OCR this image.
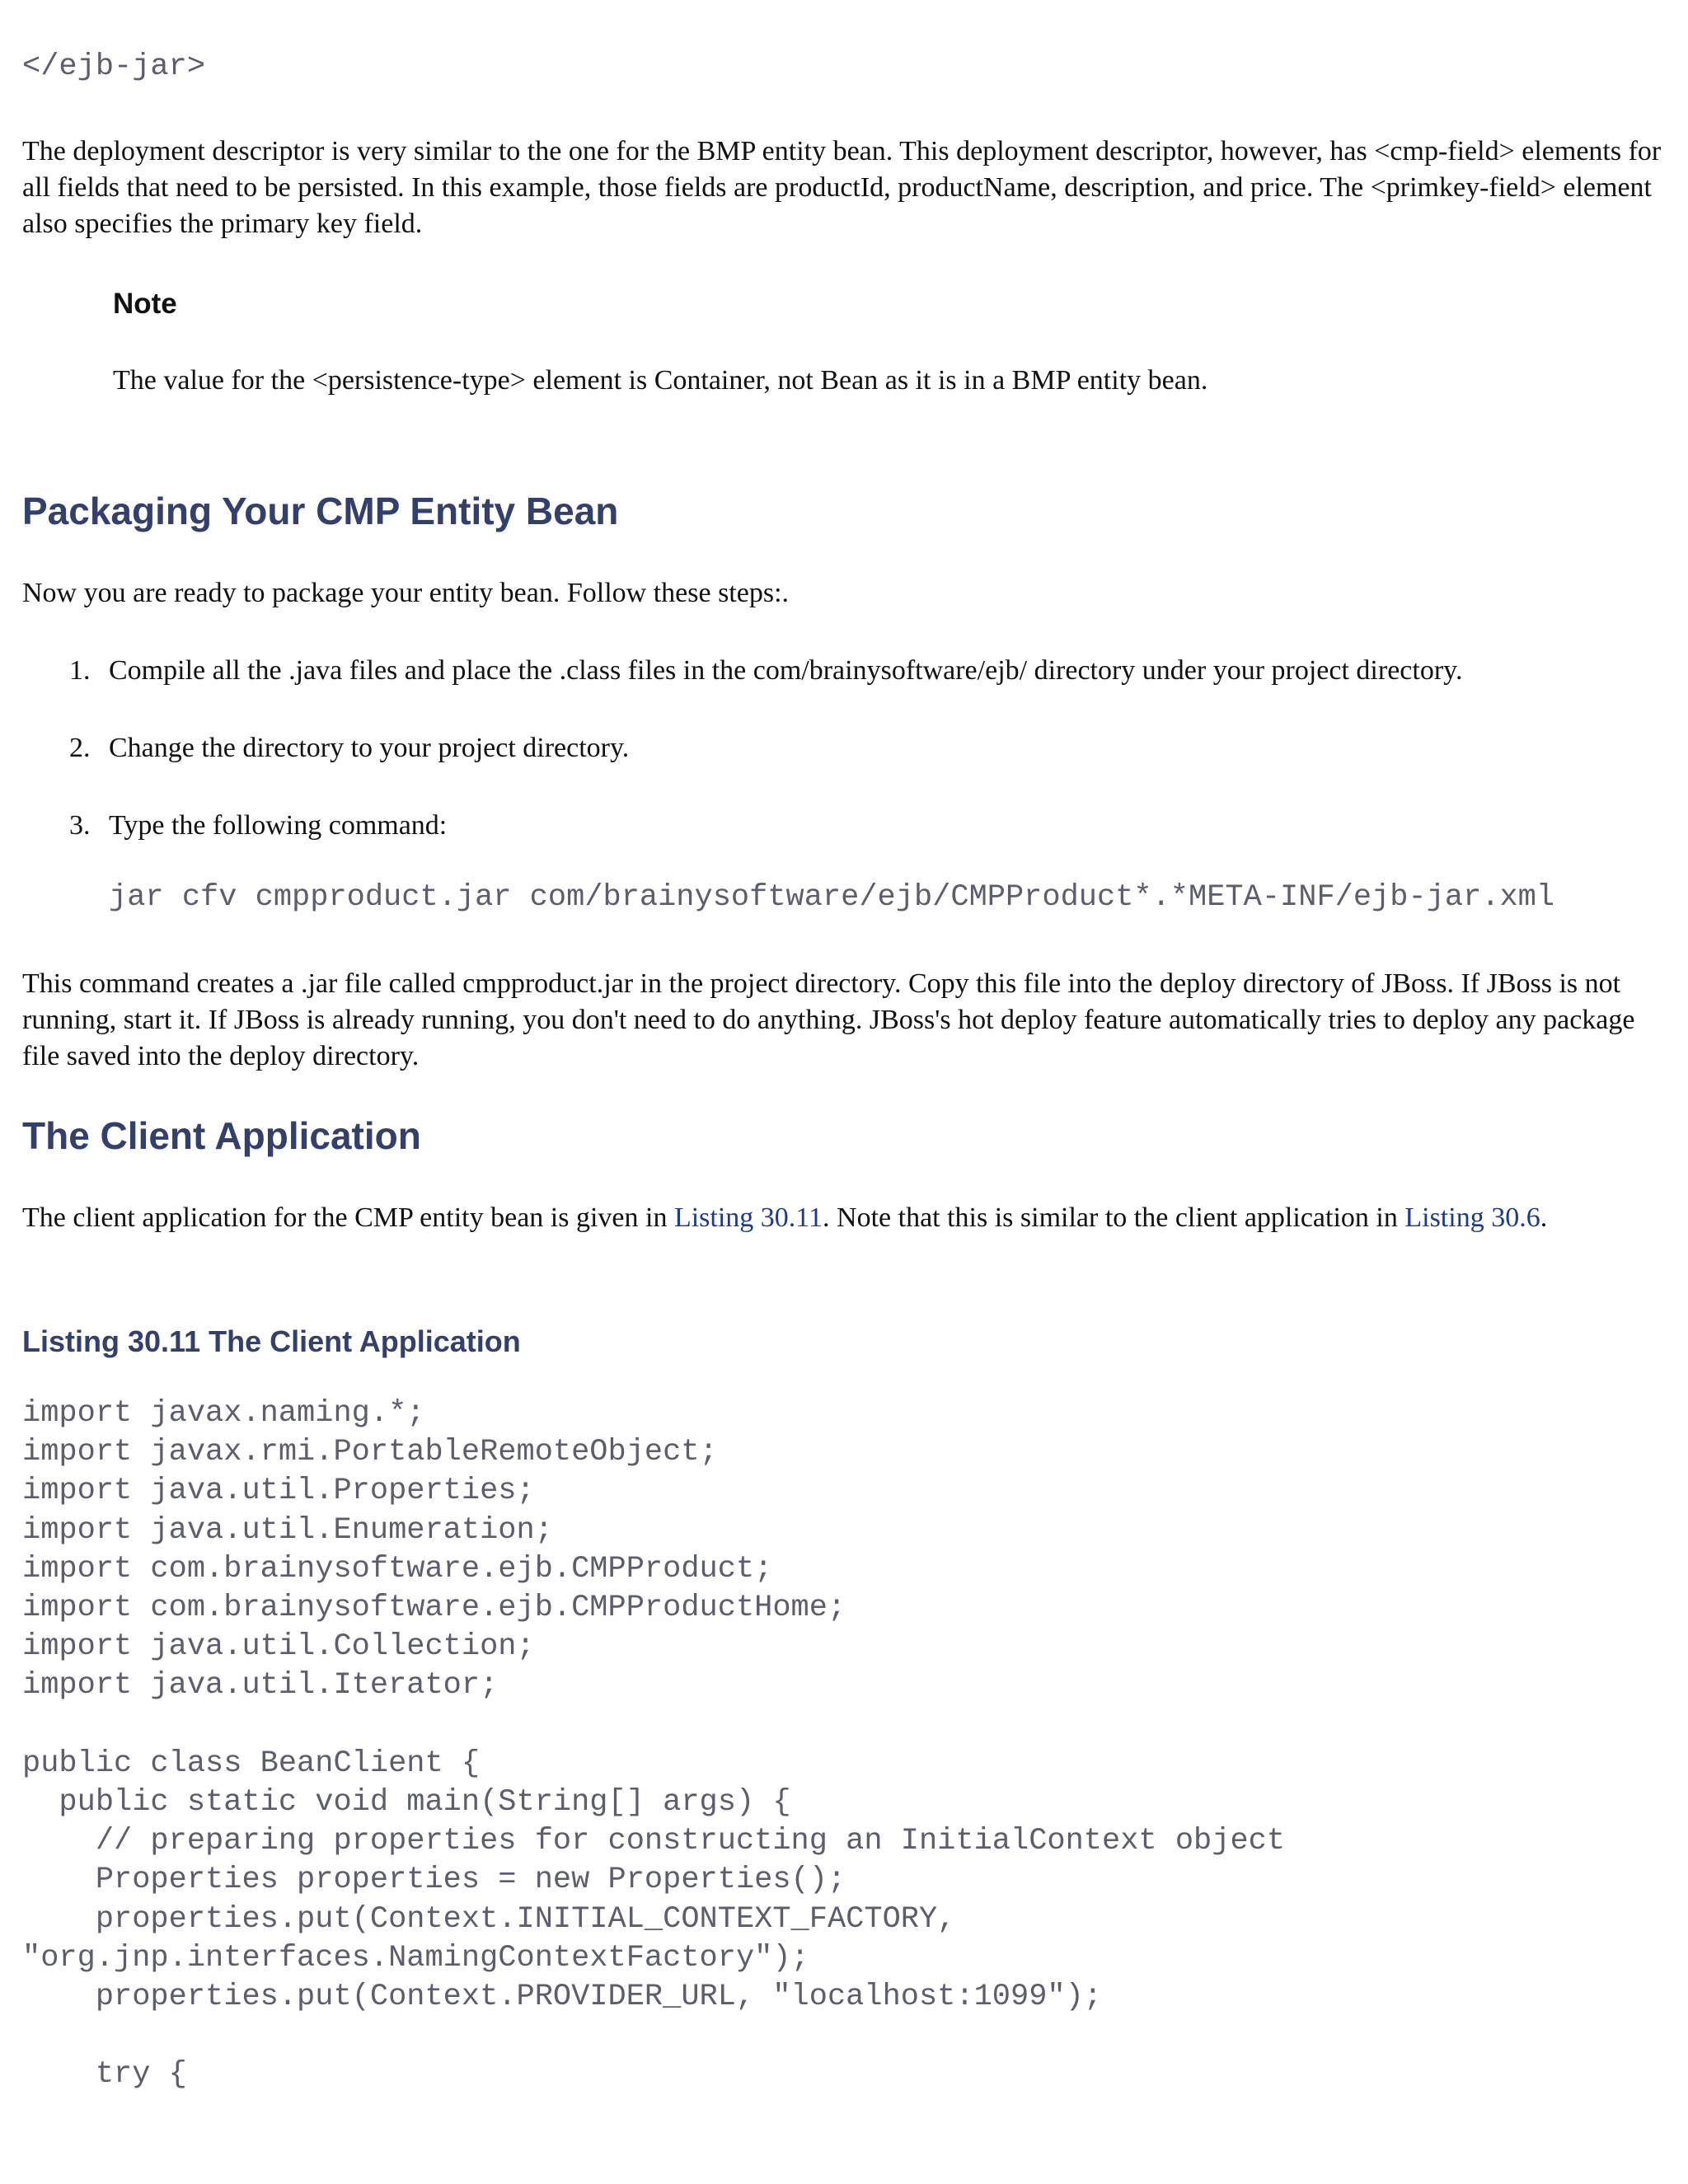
</ejb-jar>

The deployment descriptor is very similar to the one for the BMP entity bean. This deployment descriptor, however, has <cmp-field> elements for all fields that need to be persisted. In this example, those fields are productId, productName, description, and price. The <primkey-field> element also specifies the primary key field.

Note
The value for the <persistence-type> element is Container, not Bean as it is in a BMP entity bean.
Packaging Your CMP Entity Bean

Now you are ready to package your entity bean. Follow these steps:.

1. Compile all the .java files and place the .class files in the com/brainysoftware/ejb/ directory under your project directory.
2. Change the directory to your project directory.
3. Type the following command:
jar cfv cmpproduct.jar com/brainysoftware/ejb/CMPProduct*.*META-INF/ejb-jar.xml

This command creates a .jar file called cmpproduct.jar in the project directory. Copy this file into the deploy directory of JBoss. If JBoss is not running, start it. If JBoss is already running, you don't need to do anything. JBoss's hot deploy feature automatically tries to deploy any package file saved into the deploy directory.

The Client Application

The client application for the CMP entity bean is given in Listing 30.11. Note that this is similar to the client application in Listing 30.6.

Listing 30.11 The Client Application
import javax.naming.*;
import javax.rmi.PortableRemoteObject;
import java.util.Properties;
import java.util.Enumeration;
import com.brainysoftware.ejb.CMPProduct;
import com.brainysoftware.ejb.CMPProductHome;
import java.util.Collection;
import java.util.Iterator;

public class BeanClient {
public static void main(String[] args) {
// preparing properties for constructing an InitialContext object
Properties properties = new Properties();
properties.put(Context.INITIAL_CONTEXT_FACTORY,
"org.jnp.interfaces.NamingContextFactory");
properties.put(Context.PROVIDER_URL, "localhost:1099");

try {
